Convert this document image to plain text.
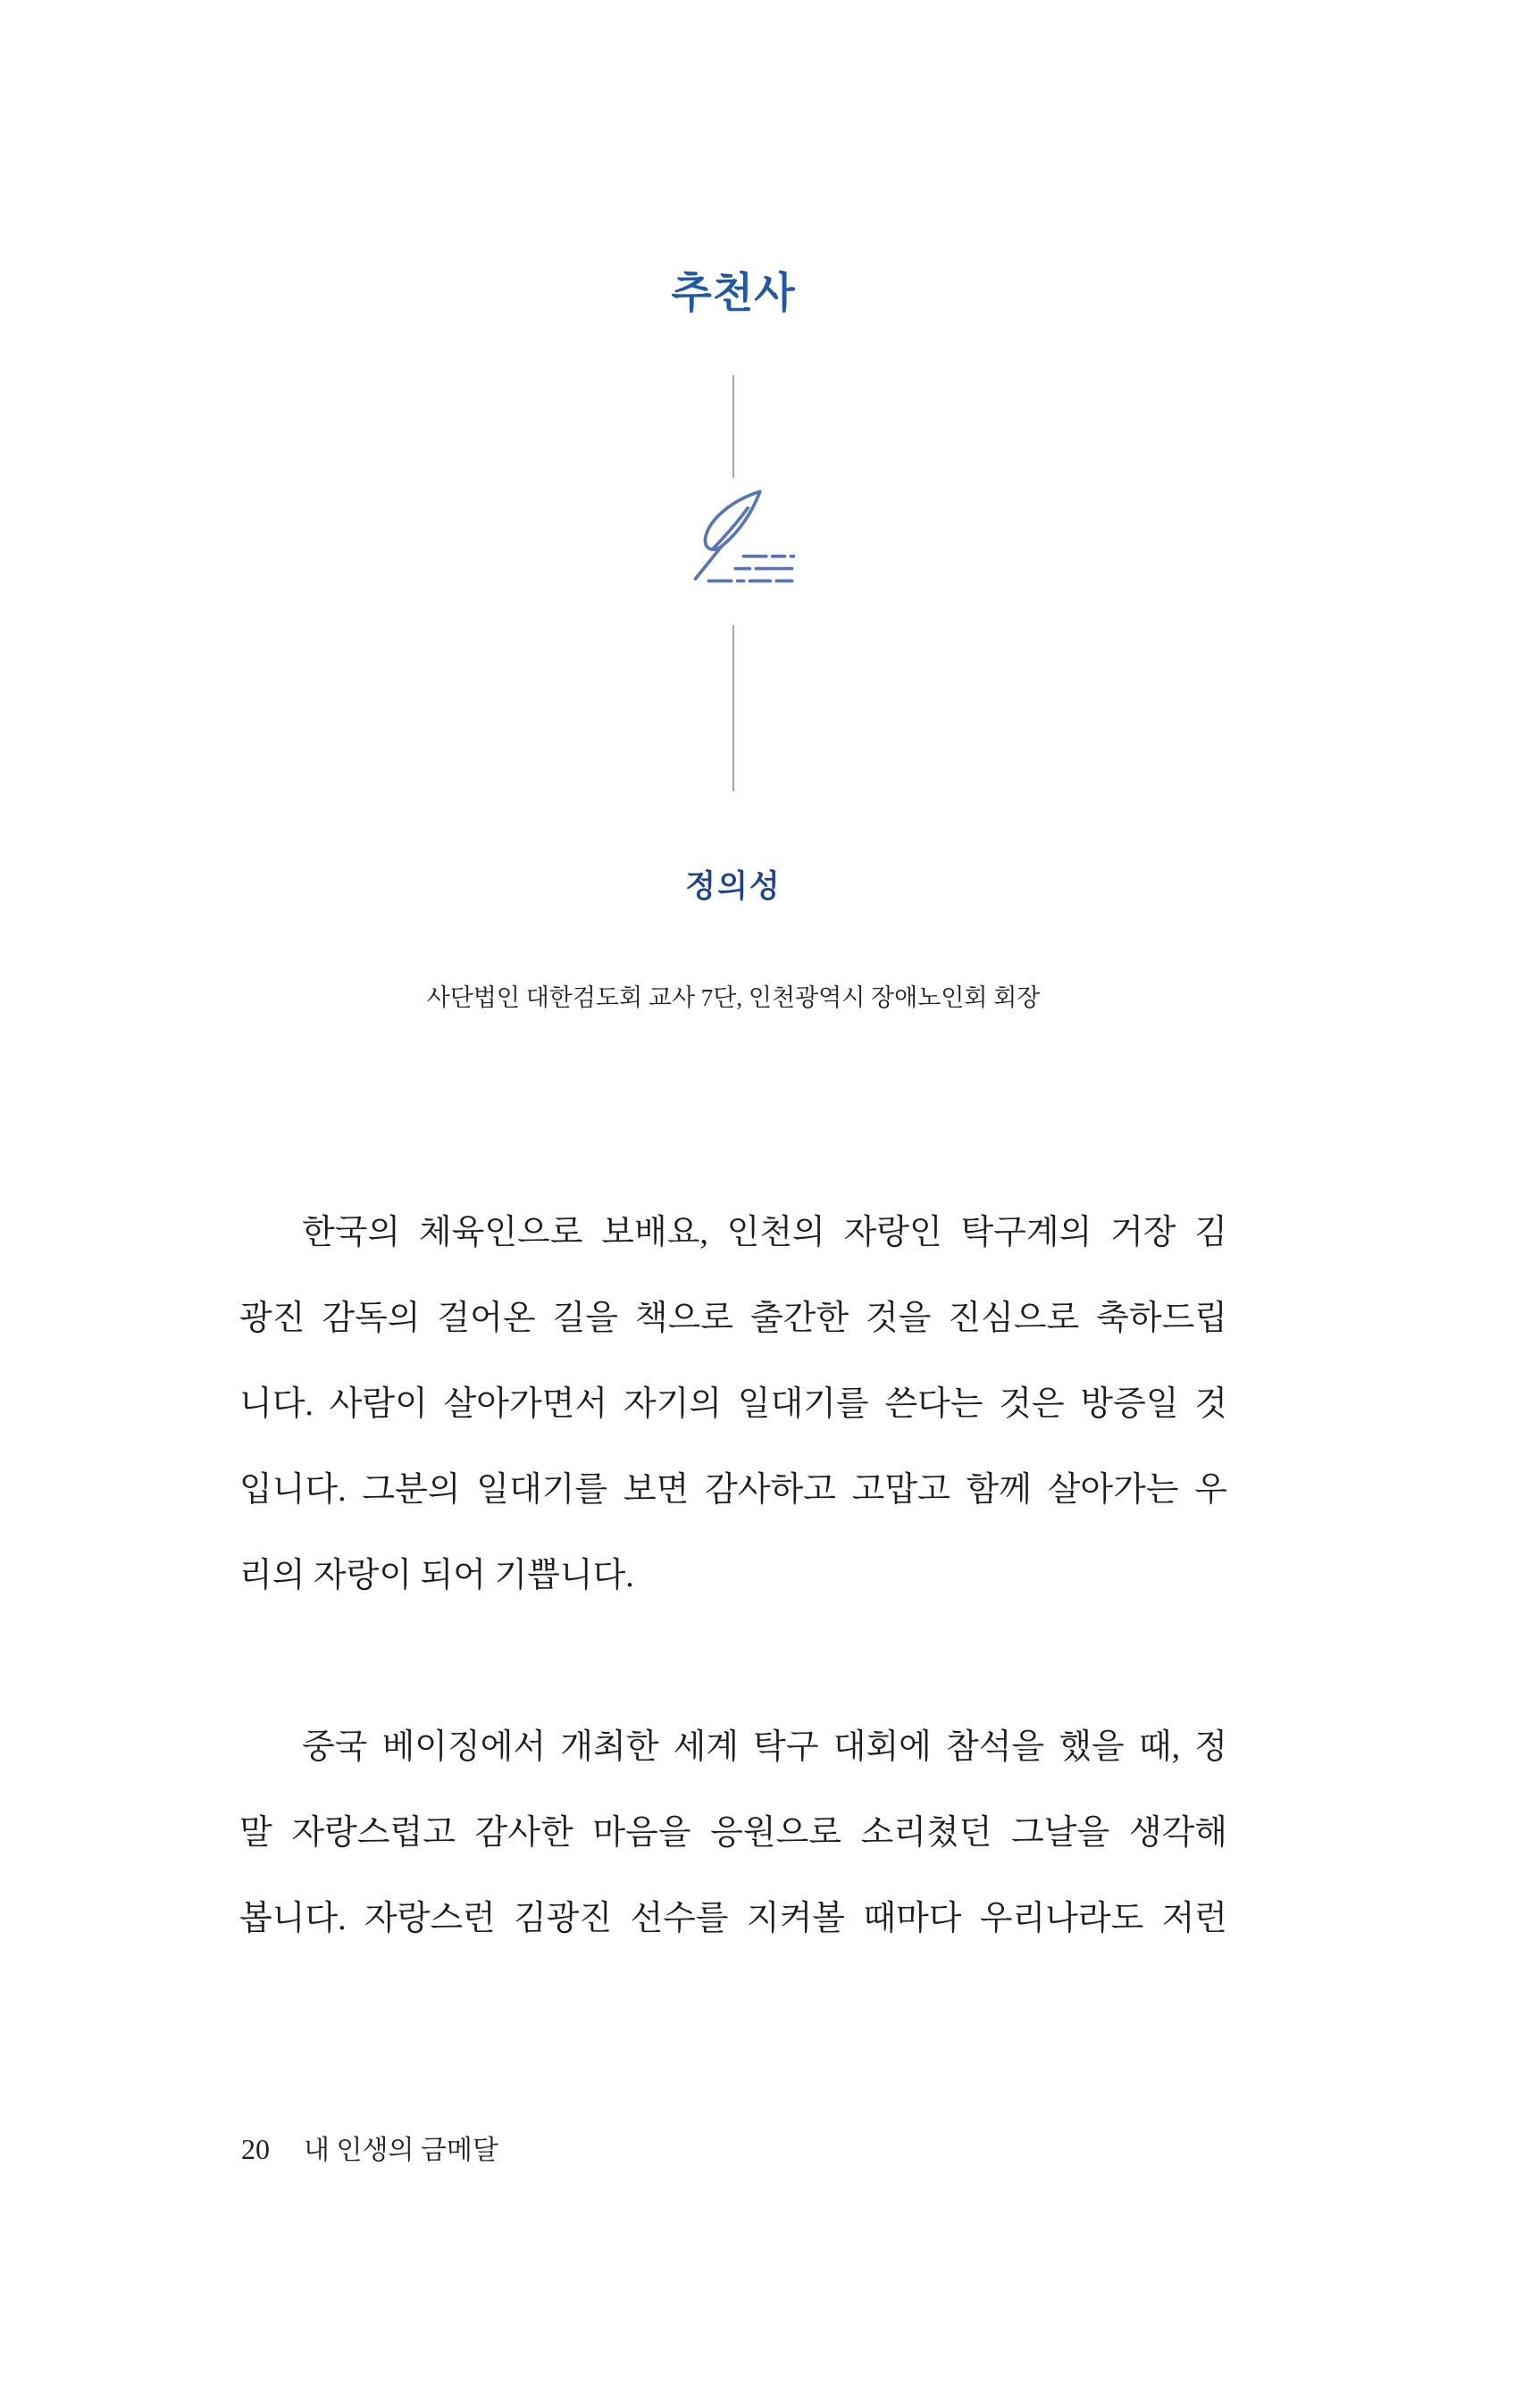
추천사
정의성
사단법인 대한검도회 교사 7단, 인천광역시 장애노인회 회장
한국의 체육인으로 보배요, 인천의 자랑인 탁구계의 거장 김
광진 감독의 걸어온 길을 책으로 출간한 것을 진심으로 축하드립
니다. 사람이 살아가면서 자기의 일대기를 쓴다는 것은 방증일 것
입니다. 그분의 일대기를 보면 감사하고 고맙고 함께 살아가는 우
리의 자랑이 되어 기쁩니다.
중국 베이징에서 개최한 세계 탁구 대회에 참석을 했을 때, 정
말 자랑스럽고 감사한 마음을 응원으로 소리쳤던 그날을 생각해
봅니다. 자랑스런 김광진 선수를 지켜볼 때마다 우리나라도 저런
20 내 인생의 금메달
